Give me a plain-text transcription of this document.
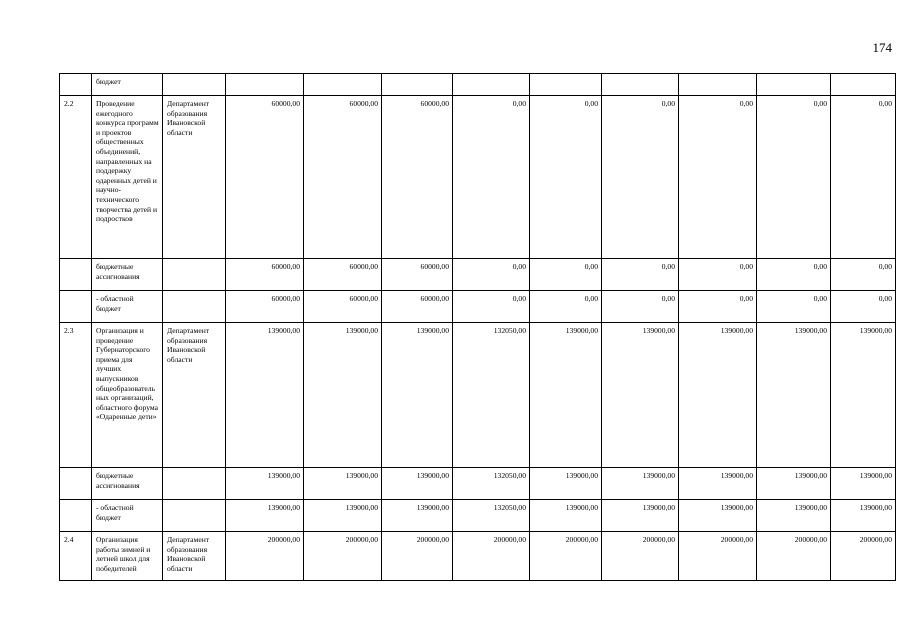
174
	бюджет										
2.2	Проведение ежегодного конкурса программ и проектов общественных объединений, направленных на поддержку одаренных детей и научно-технического творчества детей и подростков	Департамент образования Ивановской области	60000,00	60000,00	60000,00	0,00	0,00	0,00	0,00	0,00	0,00
	бюджетные ассигнования		60000,00	60000,00	60000,00	0,00	0,00	0,00	0,00	0,00	0,00
	- областной бюджет		60000,00	60000,00	60000,00	0,00	0,00	0,00	0,00	0,00	0,00
2.3	Организация и проведение Губернаторского приема для лучших выпускников общеобразовательных организаций, областного форума «Одаренные дети»	Департамент образования Ивановской области	139000,00	139000,00	139000,00	132050,00	139000,00	139000,00	139000,00	139000,00	139000,00
	бюджетные ассигнования		139000,00	139000,00	139000,00	132050,00	139000,00	139000,00	139000,00	139000,00	139000,00
	- областной бюджет		139000,00	139000,00	139000,00	132050,00	139000,00	139000,00	139000,00	139000,00	139000,00
2.4	Организация работы зимней и летней школ для победителей	Департамент образования Ивановской области	200000,00	200000,00	200000,00	200000,00	200000,00	200000,00	200000,00	200000,00	200000,00
